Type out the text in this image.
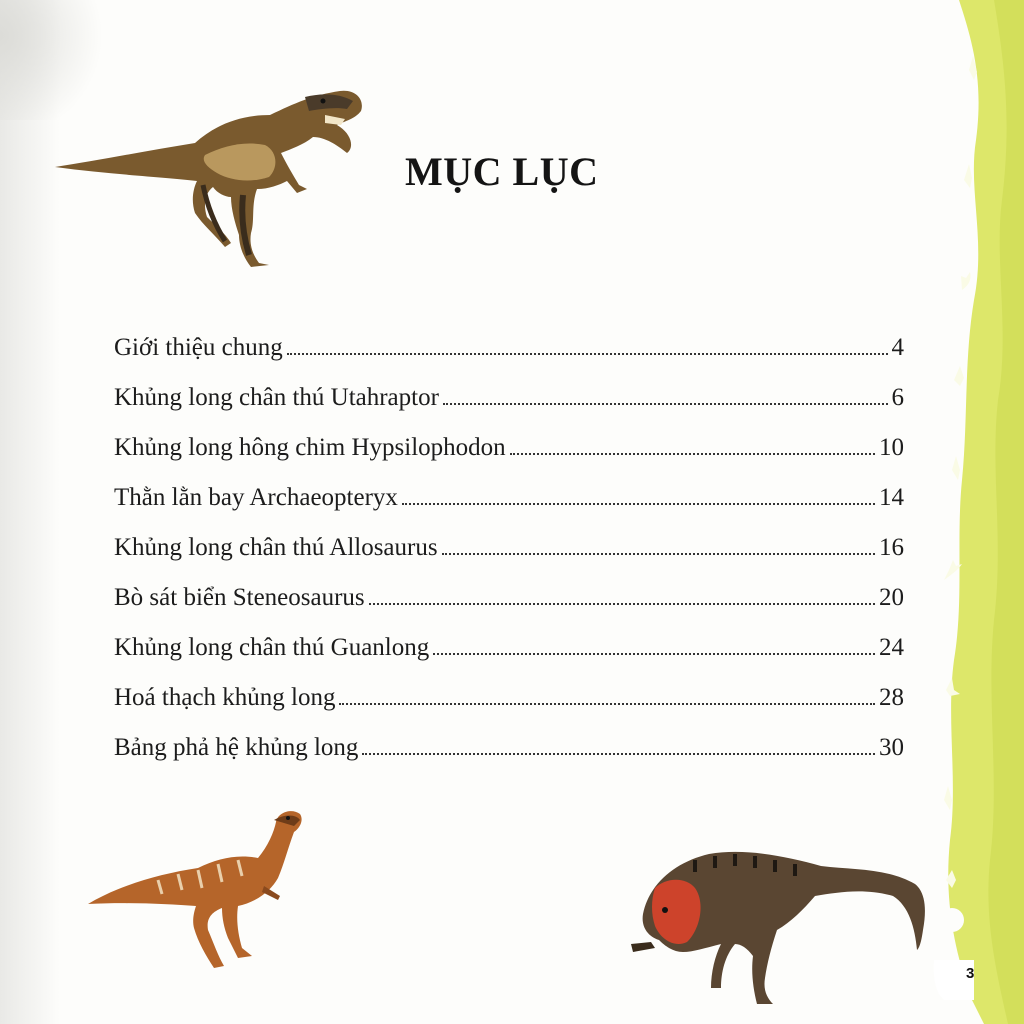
MỤC LỤC
Giới thiệu chung	4
Khủng long chân thú Utahraptor	6
Khủng long hông chim Hypsilophodon	10
Thằn lằn bay Archaeopteryx	14
Khủng long chân thú Allosaurus	16
Bò sát biển Steneosaurus	20
Khủng long chân thú Guanlong	24
Hoá thạch khủng long	28
Bảng phả hệ khủng long	30
3
